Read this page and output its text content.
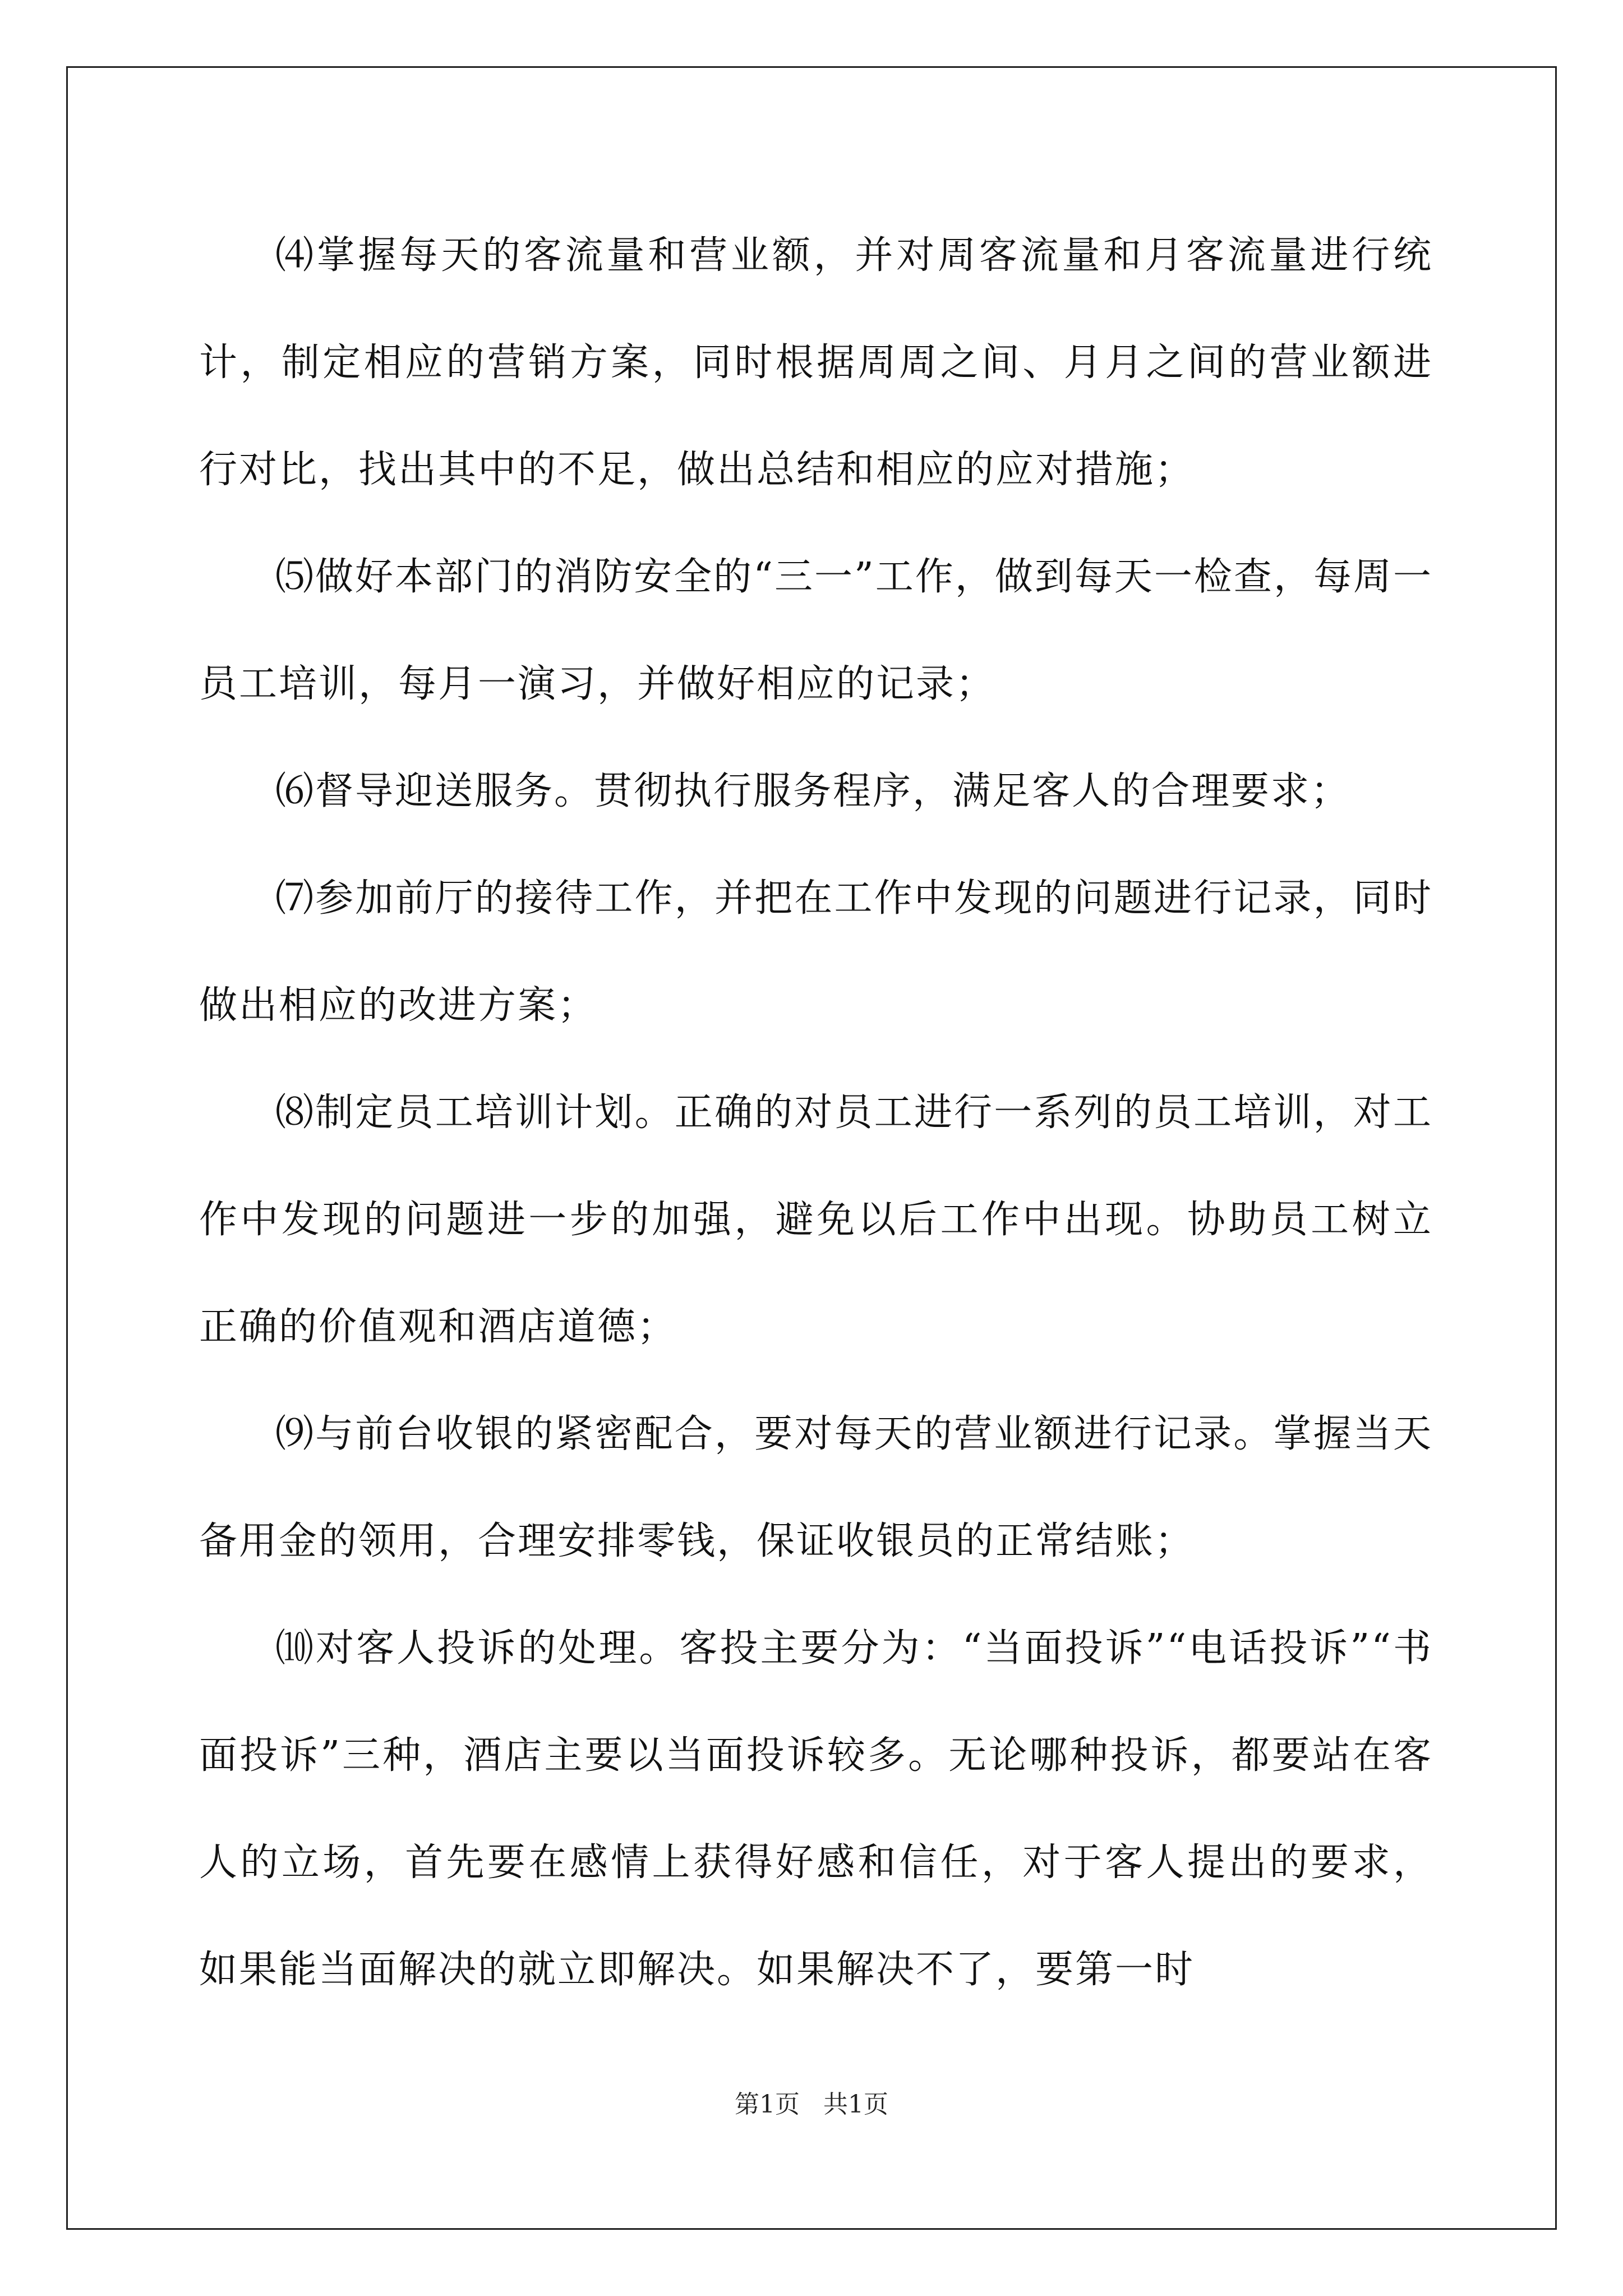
⑷掌握每天的客流量和营业额，并对周客流量和月客流量进行统计，制定相应的营销方案，同时根据周周之间、月月之间的营业额进行对比，找出其中的不足，做出总结和相应的应对措施；

⑸做好本部门的消防安全的“三一”工作，做到每天一检查，每周一员工培训，每月一演习，并做好相应的记录；

⑹督导迎送服务。贯彻执行服务程序，满足客人的合理要求；

⑺参加前厅的接待工作，并把在工作中发现的问题进行记录，同时做出相应的改进方案；

⑻制定员工培训计划。正确的对员工进行一系列的员工培训，对工作中发现的问题进一步的加强，避免以后工作中出现。协助员工树立正确的价值观和酒店道德；

⑼与前台收银的紧密配合，要对每天的营业额进行记录。掌握当天备用金的领用，合理安排零钱，保证收银员的正常结账；

⑽对客人投诉的处理。客投主要分为：“当面投诉”“电话投诉”“书面投诉”三种，酒店主要以当面投诉较多。无论哪种投诉，都要站在客人的立场，首先要在感情上获得好感和信任，对于客人提出的要求，如果能当面解决的就立即解决。如果解决不了，要第一时

第1页   共1页
